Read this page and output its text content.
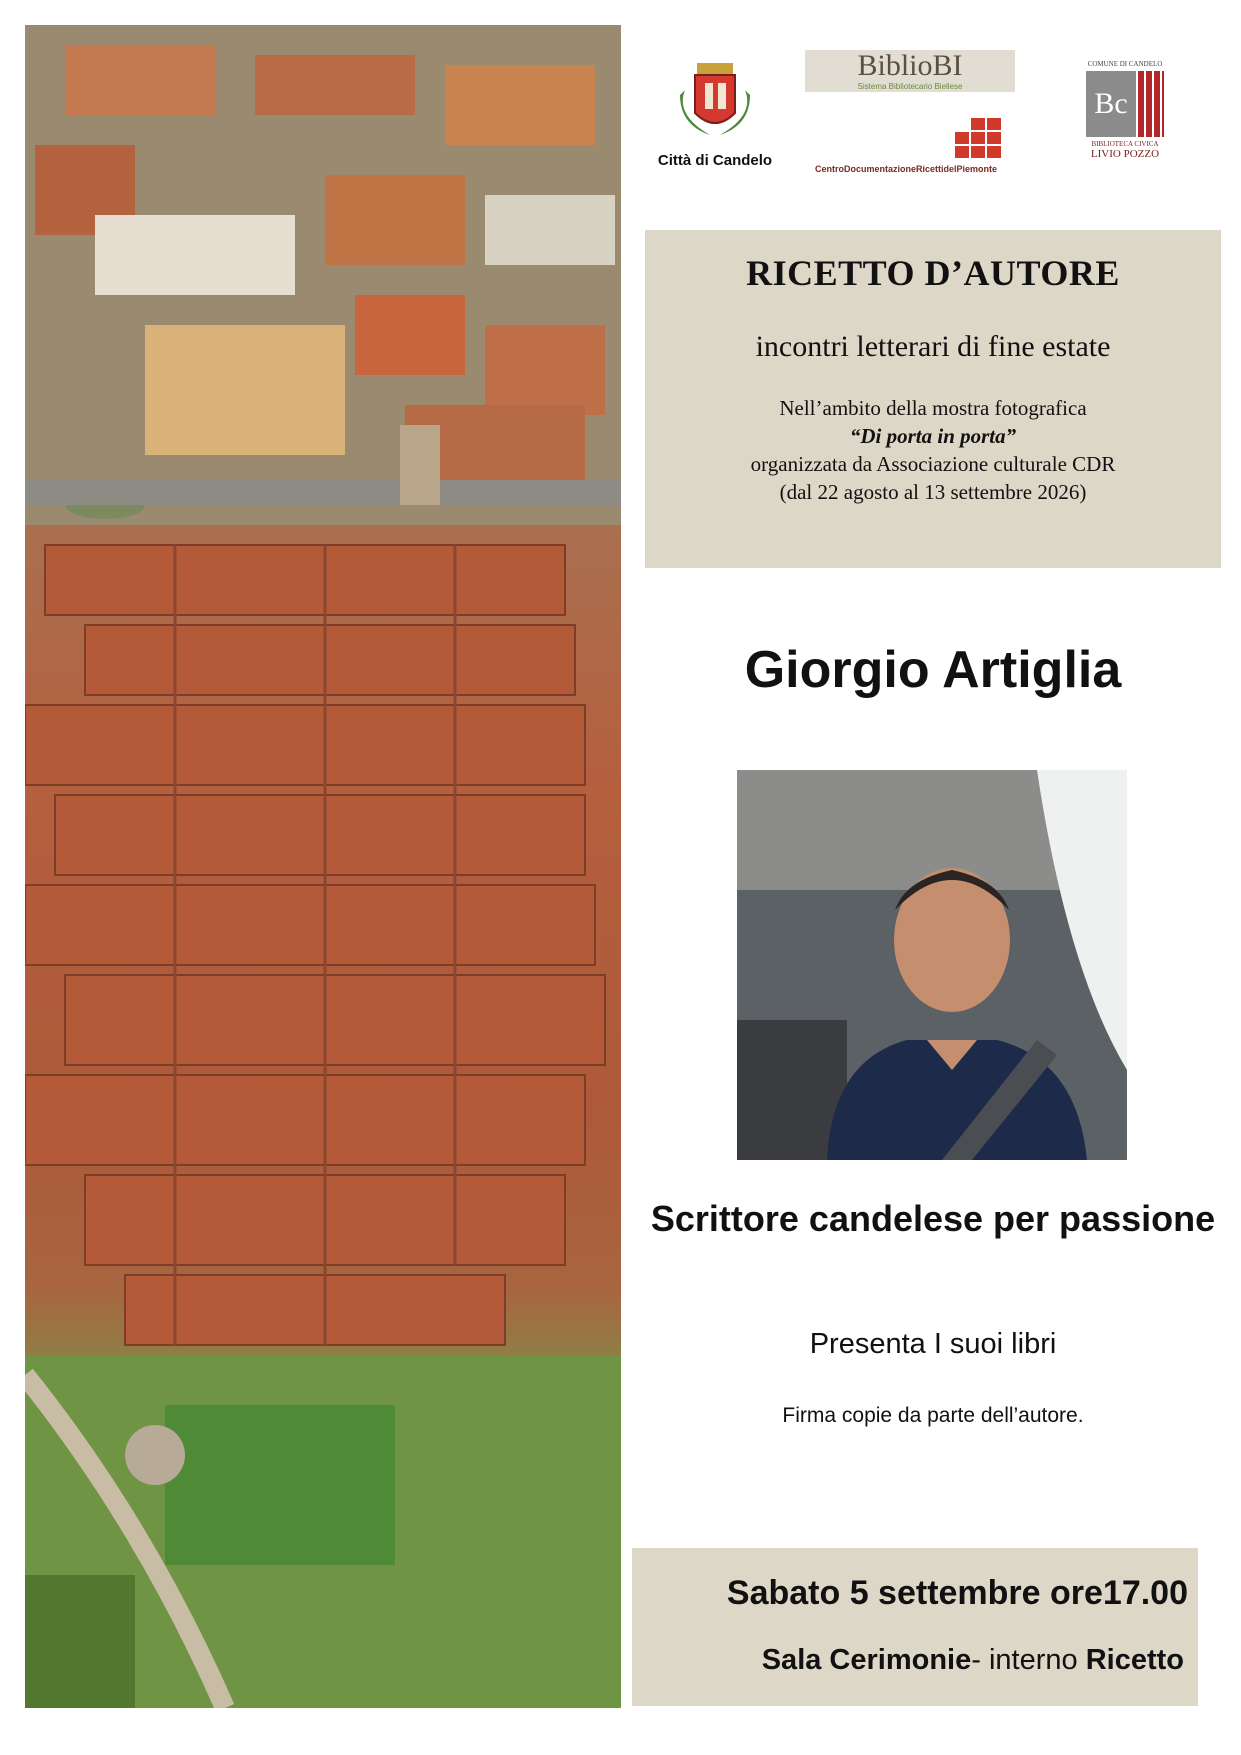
Città di Candelo
BiblioBI
Sistema Bibliotecario Biellese
CentroDocumentazioneRicettidelPiemonte
COMUNE DI CANDELO
Bc
BIBLIOTECA CIVICA
LIVIO POZZO
RICETTO D’AUTORE
incontri letterari di fine estate
Nell’ambito della mostra fotografica
“Di porta in porta”
organizzata da Associazione culturale CDR
(dal 22 agosto al 13 settembre 2026)
Giorgio Artiglia
Scrittore candelese per passione
Presenta I suoi libri
Firma copie da parte dell’autore.
Sabato 5 settembre ore17.00
Sala Cerimonie- interno Ricetto
